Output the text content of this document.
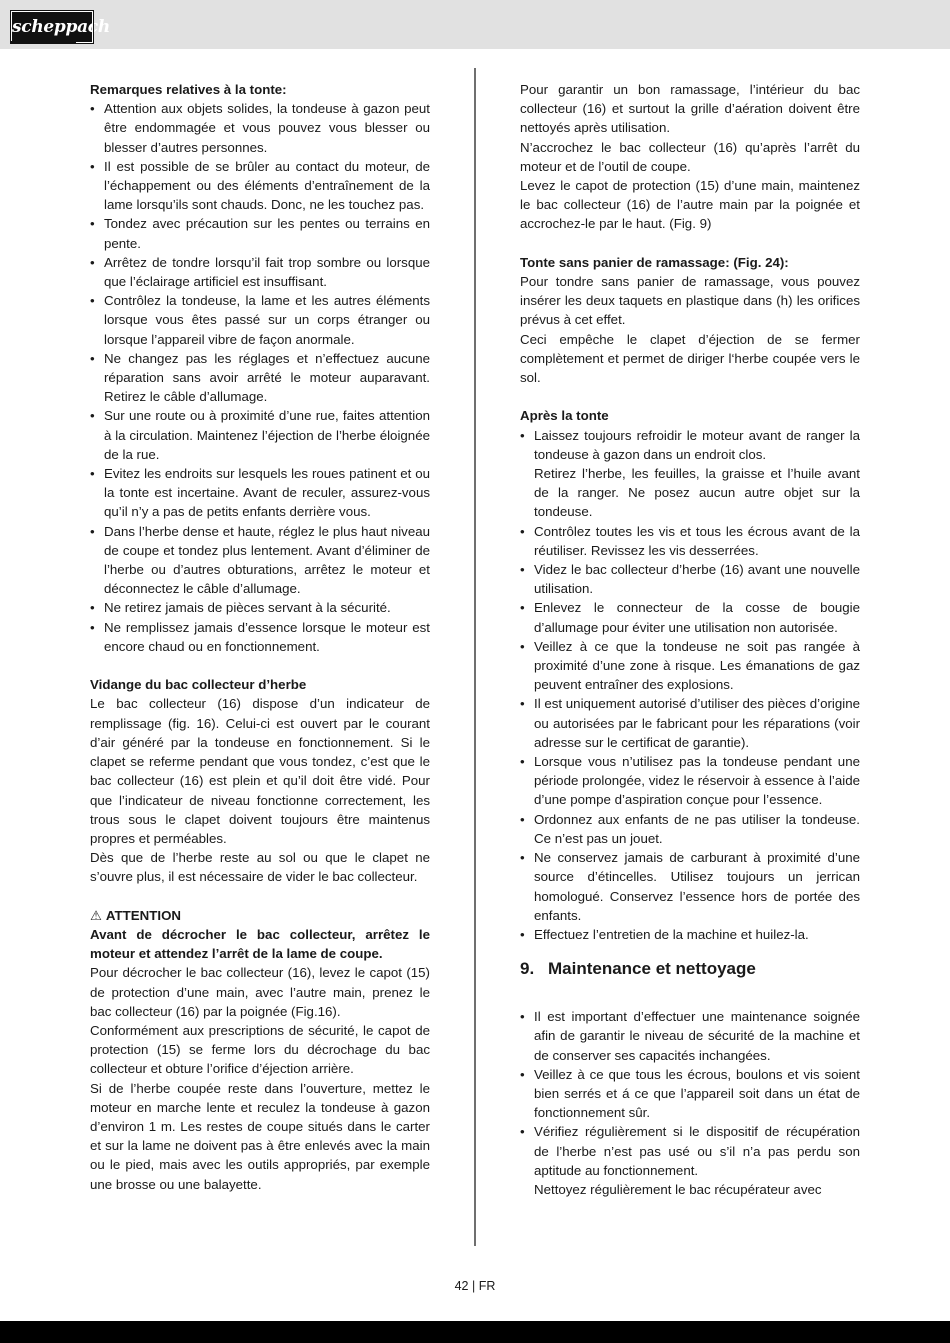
scheppach

Remarques relatives à la tonte:

• Attention aux objets solides, la tondeuse à gazon peut être endommagée et vous pouvez vous blesser ou blesser d’autres personnes.
• Il est possible de se brûler au contact du moteur, de l’échappement ou des éléments d’entraînement de la lame lorsqu’ils sont chauds. Donc, ne les touchez pas.
• Tondez avec précaution sur les pentes ou terrains en pente.
• Arrêtez de tondre lorsqu’il fait trop sombre ou lorsque que l’éclairage artificiel est insuffisant.
• Contrôlez la tondeuse, la lame et les autres éléments lorsque vous êtes passé sur un corps étranger ou lorsque l’appareil vibre de façon anormale.
• Ne changez pas les réglages et n’effectuez aucune réparation sans avoir arrêté le moteur auparavant. Retirez le câble d’allumage.
• Sur une route ou à proximité d’une rue, faites attention à la circulation. Maintenez l’éjection de l’herbe éloignée de la rue.
• Evitez les endroits sur lesquels les roues patinent et ou la tonte est incertaine. Avant de reculer, assurez-vous qu’il n’y a pas de petits enfants derrière vous.
• Dans l’herbe dense et haute, réglez le plus haut niveau de coupe et tondez plus lentement. Avant d’éliminer de l’herbe ou d’autres obturations, arrêtez le moteur et déconnectez le câble d’allumage.
• Ne retirez jamais de pièces servant à la sécurité.
• Ne remplissez jamais d’essence lorsque le moteur est encore chaud ou en fonctionnement.

Vidange du bac collecteur d’herbe

Le bac collecteur (16) dispose d’un indicateur de remplissage (fig. 16). Celui-ci est ouvert par le courant d’air généré par la tondeuse en fonctionnement. Si le clapet se referme pendant que vous tondez, c’est que le bac collecteur (16) est plein et qu’il doit être vidé. Pour que l’indicateur de niveau fonctionne correctement, les trous sous le clapet doivent toujours être maintenus propres et perméables.

Dès que de l’herbe reste au sol ou que le clapet ne s’ouvre plus, il est nécessaire de vider le bac collecteur.

⚠ ATTENTION

Avant de décrocher le bac collecteur, arrêtez le moteur et attendez l’arrêt de la lame de coupe.

Pour décrocher le bac collecteur (16), levez le capot (15) de protection d’une main, avec l’autre main, prenez le bac collecteur (16) par la poignée (Fig.16).

Conformément aux prescriptions de sécurité, le capot de protection (15) se ferme lors du décrochage du bac collecteur et obture l’orifice d’éjection arrière.

Si de l’herbe coupée reste dans l’ouverture, mettez le moteur en marche lente et reculez la tondeuse à gazon d’environ 1 m. Les restes de coupe situés dans le carter et sur la lame ne doivent pas à être enlevés avec la main ou le pied, mais avec les outils appropriés, par exemple une brosse ou une balayette.

Pour garantir un bon ramassage, l’intérieur du bac collecteur (16) et surtout la grille d’aération doivent être nettoyés après utilisation.

N’accrochez le bac collecteur (16) qu’après l’arrêt du moteur et de l’outil de coupe.

Levez le capot de protection (15) d’une main, maintenez le bac collecteur (16) de l’autre main par la poignée et accrochez-le par le haut. (Fig. 9)

Tonte sans panier de ramassage: (Fig. 24):

Pour tondre sans panier de ramassage, vous pouvez insérer les deux taquets en plastique dans (h) les orifices prévus à cet effet.

Ceci empêche le clapet d’éjection de se fermer complètement et permet de diriger l‘herbe coupée vers le sol.

Après la tonte

• Laissez toujours refroidir le moteur avant de ranger la tondeuse à gazon dans un endroit clos.
Retirez l’herbe, les feuilles, la graisse et l’huile avant de la ranger. Ne posez aucun autre objet sur la tondeuse.
• Contrôlez toutes les vis et tous les écrous avant de la réutiliser. Revissez les vis desserrées.
• Videz le bac collecteur d’herbe (16) avant une nouvelle utilisation.
• Enlevez le connecteur de la cosse de bougie d’allumage pour éviter une utilisation non autorisée.
• Veillez à ce que la tondeuse ne soit pas rangée à proximité d’une zone à risque. Les émanations de gaz peuvent entraîner des explosions.
• Il est uniquement autorisé d’utiliser des pièces d’origine ou autorisées par le fabricant pour les réparations (voir adresse sur le certificat de garantie).
• Lorsque vous n’utilisez pas la tondeuse pendant une période prolongée, videz le réservoir à essence à l’aide d’une pompe d’aspiration conçue pour l’essence.
• Ordonnez aux enfants de ne pas utiliser la tondeuse. Ce n’est pas un jouet.
• Ne conservez jamais de carburant à proximité d’une source d’étincelles. Utilisez toujours un jerrican homologué. Conservez l’essence hors de portée des enfants.
• Effectuez l’entretien de la machine et huilez-la.
9. Maintenance et nettoyage
• Il est important d’effectuer une maintenance soignée afin de garantir le niveau de sécurité de la machine et de conserver ses capacités inchangées.
• Veillez à ce que tous les écrous, boulons et vis soient bien serrés et á ce que l’appareil soit dans un état de fonctionnement sûr.
• Vérifiez régulièrement si le dispositif de récupération de l’herbe n’est pas usé ou s’il n’a pas perdu son aptitude au fonctionnement.
Nettoyez régulièrement le bac récupérateur avec
42 | FR
